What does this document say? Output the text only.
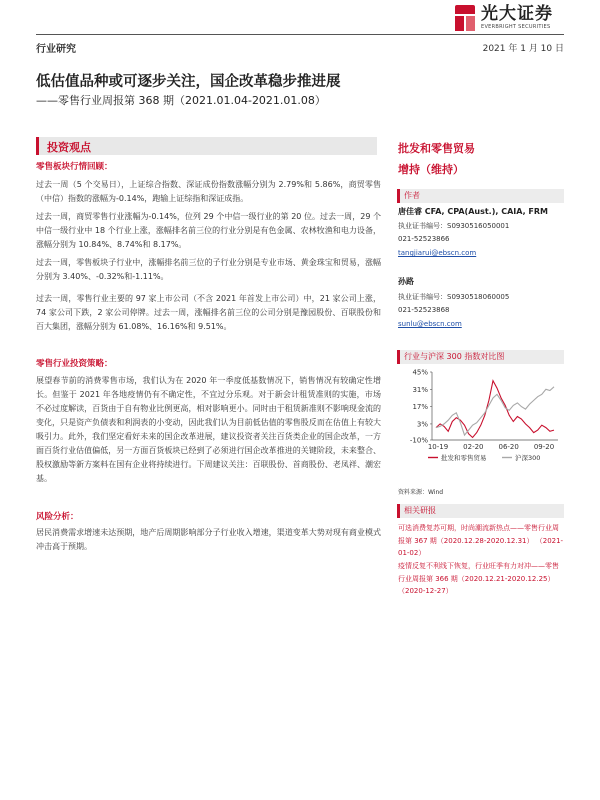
光大证券
EVERBRIGHT SECURITIES
行业研究	2021 年 1 月 10 日
低估值品种或可逐步关注，国企改革稳步推进展
——零售行业周报第 368 期（2021.01.04-2021.01.08）
投资观点
零售板块行情回顾：
过去一周（5 个交易日），上证综合指数、深证成份指数涨幅分别为 2.79%和 5.86%，商贸零售（中信）指数的涨幅为-0.14%，跑输上证综指和深证成指。
过去一周，商贸零售行业涨幅为-0.14%，位列 29 个中信一级行业的第 20 位。过去一周，29 个中信一级行业中 18 个行业上涨，涨幅排名前三位的行业分别是有色金属、农林牧渔和电力设备，涨幅分别为 10.84%、8.74%和 8.17%。
过去一周，零售板块子行业中，涨幅排名前三位的子行业分别是专业市场、黄金珠宝和贸易，涨幅分别为 3.40%、-0.32%和-1.11%。
过去一周，零售行业主要的 97 家上市公司（不含 2021 年首发上市公司）中，21 家公司上涨，74 家公司下跌，2 家公司停牌。过去一周，涨幅排名前三位的公司分别是豫园股份、百联股份和百大集团，涨幅分别为 61.08%、16.16%和 9.51%。
零售行业投资策略：
展望春节前的消费零售市场，我们认为在 2020 年一季度低基数情况下，销售情况有较确定性增长。但鉴于 2021 年各地疫情仍有不确定性，不宜过分乐观。对于新会计租赁准则的实施，市场不必过度解读，百货由于自有物业比例更高，相对影响更小。同时由于租赁新准则不影响现金流的变化，只是资产负债表和利润表的小变动，因此我们认为目前低估值的零售股反而在估值上有较大吸引力。此外，我们坚定看好未来的国企改革进展，建议投资者关注百货类企业的国企改革，一方面百货行业估值偏低，另一方面百货板块已经到了必须进行国企改革推进的关键阶段，未来整合、股权激励等新方案料在国有企业将持续进行。下周建议关注：百联股份、首商股份、老凤祥、潮宏基。
风险分析：
居民消费需求增速未达预期，地产后周期影响部分子行业收入增速，渠道变革大势对现有商业模式冲击高于预期。
批发和零售贸易
增持（维持）
作者
唐佳睿 CFA, CPA(Aust.), CAIA, FRM
执业证书编号：S0930516050001
021-52523866
tangjiarui@ebscn.com
孙路
执业证书编号：S0930518060005
021-52523868
sunlu@ebscn.com
行业与沪深 300 指数对比图
45%
31%
17%
3%
-10%
10-19 02-20 06-20 09-20
批发和零售贸易	沪深300
资料来源：Wind
相关研报
可选消费复苏可期，时尚潮流新热点——零售行业周报第 367 期（2020.12.28-2020.12.31） （2021-01-02）
疫情反复不利线下恢复，行业旺季有力对冲——零售行业周报第 366 期（2020.12.21-2020.12.25）（2020-12-27）
